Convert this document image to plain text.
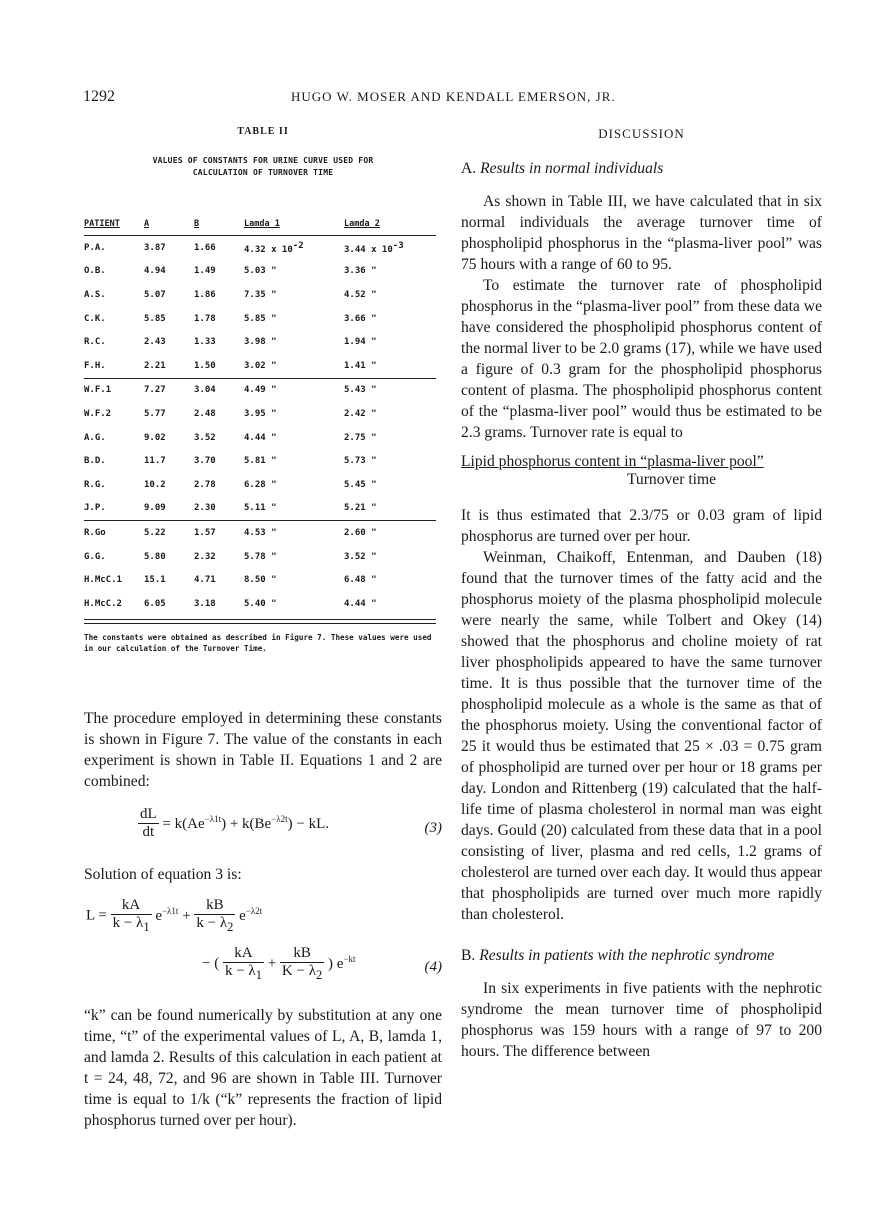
1292	HUGO W. MOSER AND KENDALL EMERSON, JR.
TABLE II
VALUES OF CONSTANTS FOR URINE CURVE USED FOR
CALCULATION OF TURNOVER TIME
PATIENT	A	B	Lamda 1	Lamda 2
P.A.	3.87	1.66	4.32 x $10^{-2}$	3.44 x $10^{-3}$
O.B.	4.94	1.49	5.03 "	3.36 "
A.S.	5.07	1.86	7.35 "	4.52 "
C.K.	5.85	1.78	5.85 "	3.66 "
R.C.	2.43	1.33	3.98 "	1.94 "
F.H.	2.21	1.50	3.02 "	1.41 "
W.F.1	7.27	3.04	4.49 "	5.43 "
W.F.2	5.77	2.48	3.95 "	2.42 "
A.G.	9.02	3.52	4.44 "	2.75 "
B.D.	11.7	3.70	5.81 "	5.73 "
R.G.	10.2	2.78	6.28 "	5.45 "
J.P.	9.09	2.30	5.11 "	5.21 "
R.Go	5.22	1.57	4.53 "	2.60 "
G.G.	5.80	2.32	5.78 "	3.52 "
H.McC.1	15.1	4.71	8.50 "	6.48 "
H.McC.2	6.05	3.18	5.40 "	4.44 "
The constants were obtained as described in Figure 7. These values were used in our calculation of the Turnover Time.

The procedure employed in determining these constants is shown in Figure 7. The value of the constants in each experiment is shown in Table II. Equations 1 and 2 are combined:

$\frac{dL}{dt} = k(Ae^{-\lambda 1t}) + k(Be^{-\lambda 2t})$ − kL.	(3)

Solution of equation 3 is:

$L = \frac{kA}{k - \lambda_1} e^{-\lambda 1t} + \frac{kB}{k - \lambda_2} e^{-\lambda 2t}$
− ( $\frac{kA}{k - \lambda_1} + \frac{kB}{K - \lambda_2}$ ) $e^{-kt}$	(4)

“k” can be found numerically by substitution at any one time, “t” of the experimental values of L, A, B, lamda 1, and lamda 2. Results of this calculation in each patient at t = 24, 48, 72, and 96 are shown in Table III. Turnover time is equal to 1/k (“k” represents the fraction of lipid phosphorus turned over per hour).

DISCUSSION

A. Results in normal individuals

As shown in Table III, we have calculated that in six normal individuals the average turnover time of phospholipid phosphorus in the “plasma-liver pool” was 75 hours with a range of 60 to 95.

To estimate the turnover rate of phospholipid phosphorus in the “plasma-liver pool” from these data we have considered the phospholipid phosphorus content of the normal liver to be 2.0 grams (17), while we have used a figure of 0.3 gram for the phospholipid phosphorus content of plasma. The phospholipid phosphorus content of the “plasma-liver pool” would thus be estimated to be 2.3 grams. Turnover rate is equal to

Lipid phosphorus content in “plasma-liver pool”
Turnover time

It is thus estimated that 2.3/75 or 0.03 gram of lipid phosphorus are turned over per hour.

Weinman, Chaikoff, Entenman, and Dauben (18) found that the turnover times of the fatty acid and the phosphorus moiety of the plasma phospholipid molecule were nearly the same, while Tolbert and Okey (14) showed that the phosphorus and choline moiety of rat liver phospholipids appeared to have the same turnover time. It is thus possible that the turnover time of the phospholipid molecule as a whole is the same as that of the phosphorus moiety. Using the conventional factor of 25 it would thus be estimated that 25 × .03 = 0.75 gram of phospholipid are turned over per hour or 18 grams per day. London and Rittenberg (19) calculated that the half-life time of plasma cholesterol in normal man was eight days. Gould (20) calculated from these data that in a pool consisting of liver, plasma and red cells, 1.2 grams of cholesterol are turned over each day. It would thus appear that phospholipids are turned over much more rapidly than cholesterol.

B. Results in patients with the nephrotic syndrome

In six experiments in five patients with the nephrotic syndrome the mean turnover time of phospholipid phosphorus was 159 hours with a range of 97 to 200 hours. The difference between
